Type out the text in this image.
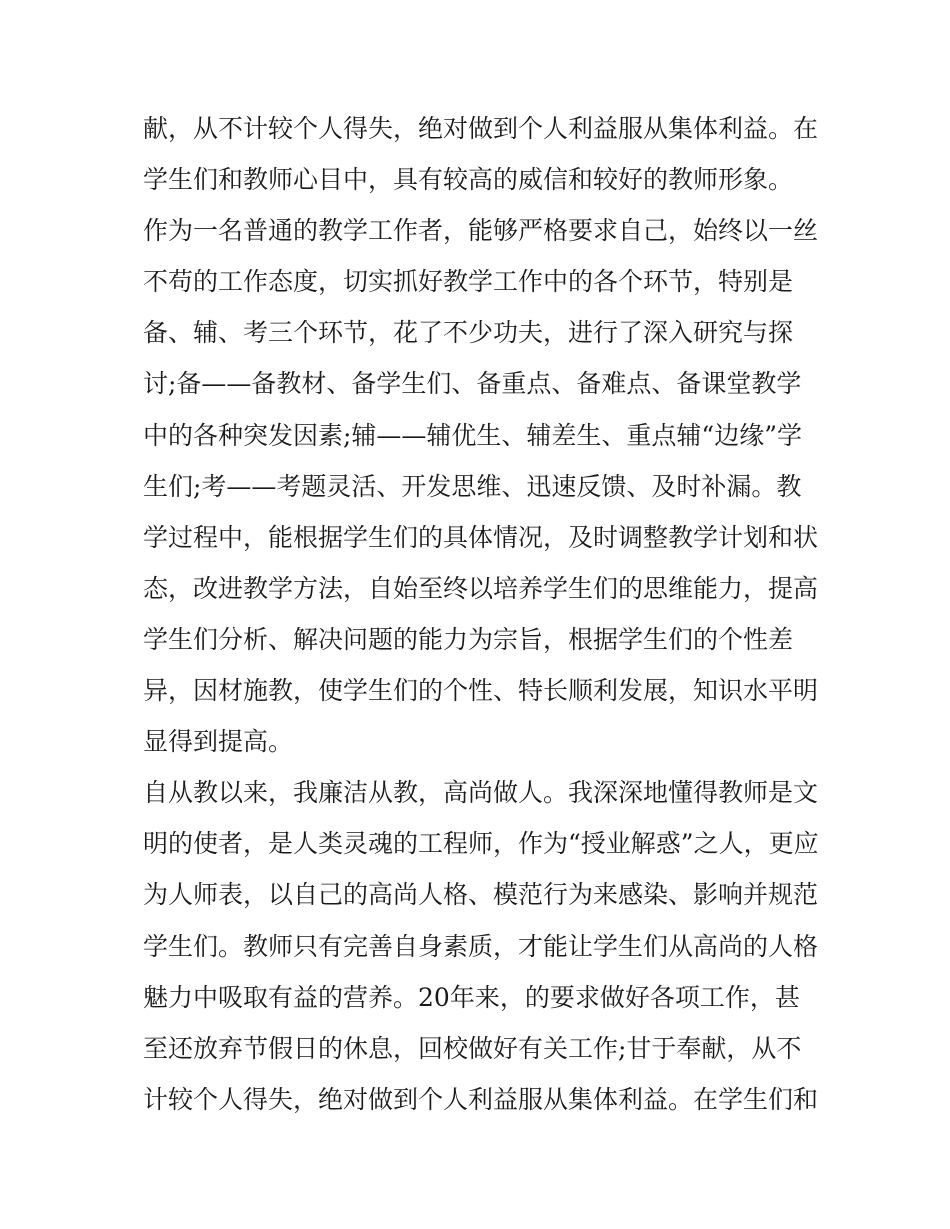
献，从不计较个人得失，绝对做到个人利益服从集体利益。在
学生们和教师心目中，具有较高的威信和较好的教师形象。
作为一名普通的教学工作者，能够严格要求自己，始终以一丝
不苟的工作态度，切实抓好教学工作中的各个环节，特别是
备、辅、考三个环节，花了不少功夫，进行了深入研究与探
讨;备——备教材、备学生们、备重点、备难点、备课堂教学
中的各种突发因素;辅——辅优生、辅差生、重点辅“边缘”学
生们;考——考题灵活、开发思维、迅速反馈、及时补漏。教
学过程中，能根据学生们的具体情况，及时调整教学计划和状
态，改进教学方法，自始至终以培养学生们的思维能力，提高
学生们分析、解决问题的能力为宗旨，根据学生们的个性差
异，因材施教，使学生们的个性、特长顺利发展，知识水平明
显得到提高。
自从教以来，我廉洁从教，高尚做人。我深深地懂得教师是文
明的使者，是人类灵魂的工程师，作为“授业解惑”之人，更应
为人师表，以自己的高尚人格、模范行为来感染、影响并规范
学生们。教师只有完善自身素质，才能让学生们从高尚的人格
魅力中吸取有益的营养。20年来，的要求做好各项工作，甚
至还放弃节假日的休息，回校做好有关工作;甘于奉献，从不
计较个人得失，绝对做到个人利益服从集体利益。在学生们和
